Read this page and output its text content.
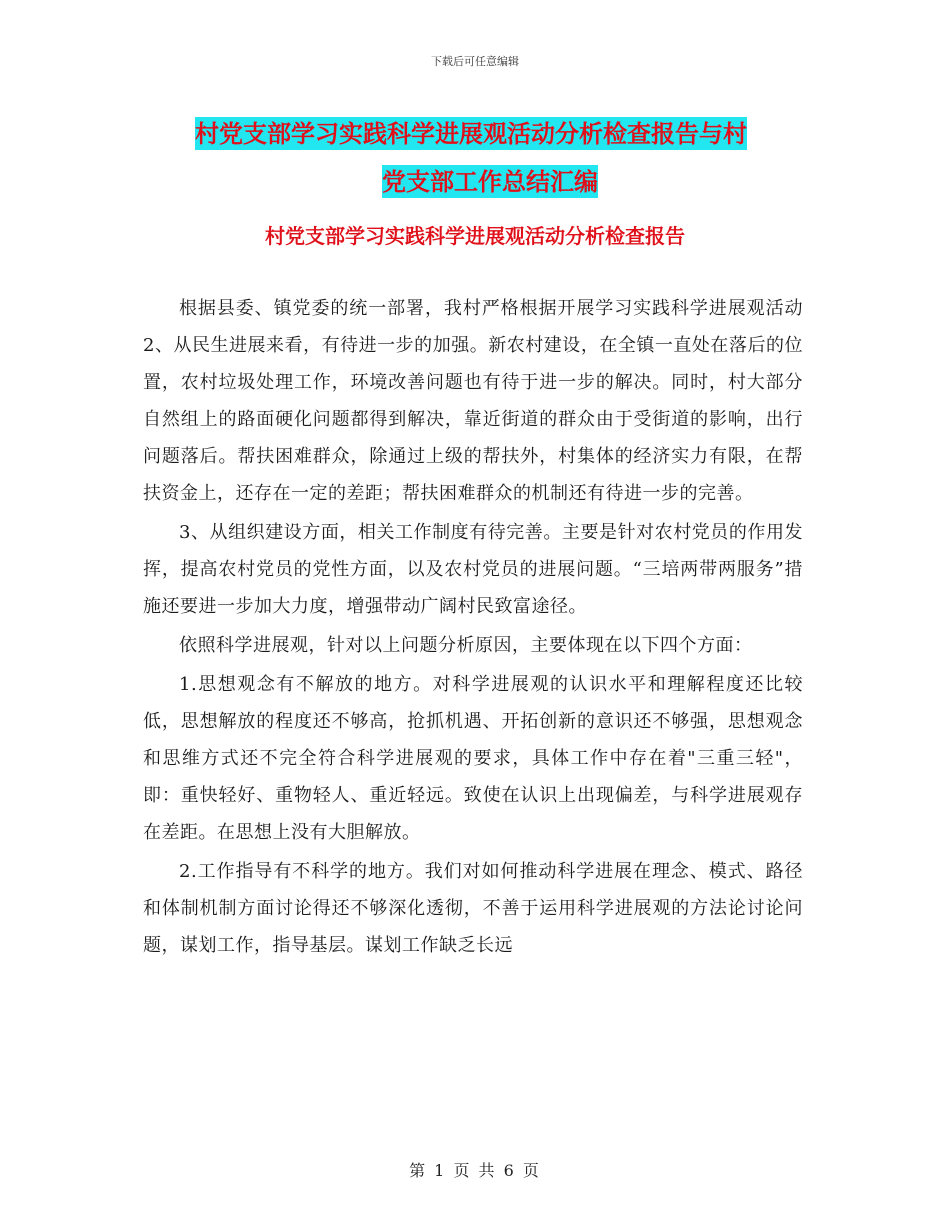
下载后可任意编辑
村党支部学习实践科学进展观活动分析检查报告与村
党支部工作总结汇编
村党支部学习实践科学进展观活动分析检查报告

根据县委、镇党委的统一部署，我村严格根据开展学习实践科学进展观活动 2、从民生进展来看，有待进一步的加强。新农村建设，在全镇一直处在落后的位置，农村垃圾处理工作，环境改善问题也有待于进一步的解决。同时，村大部分自然组上的路面硬化问题都得到解决，靠近街道的群众由于受街道的影响，出行问题落后。帮扶困难群众，除通过上级的帮扶外，村集体的经济实力有限，在帮扶资金上，还存在一定的差距；帮扶困难群众的机制还有待进一步的完善。

3、从组织建设方面，相关工作制度有待完善。主要是针对农村党员的作用发挥，提高农村党员的党性方面，以及农村党员的进展问题。“三培两带两服务”措施还要进一步加大力度，增强带动广阔村民致富途径。

依照科学进展观，针对以上问题分析原因，主要体现在以下四个方面：

1.思想观念有不解放的地方。对科学进展观的认识水平和理解程度还比较低，思想解放的程度还不够高，抢抓机遇、开拓创新的意识还不够强，思想观念和思维方式还不完全符合科学进展观的要求，具体工作中存在着"三重三轻"，即：重快轻好、重物轻人、重近轻远。致使在认识上出现偏差，与科学进展观存在差距。在思想上没有大胆解放。

2.工作指导有不科学的地方。我们对如何推动科学进展在理念、模式、路径和体制机制方面讨论得还不够深化透彻，不善于运用科学进展观的方法论讨论问题，谋划工作，指导基层。谋划工作缺乏长远

第 1 页 共 6 页
